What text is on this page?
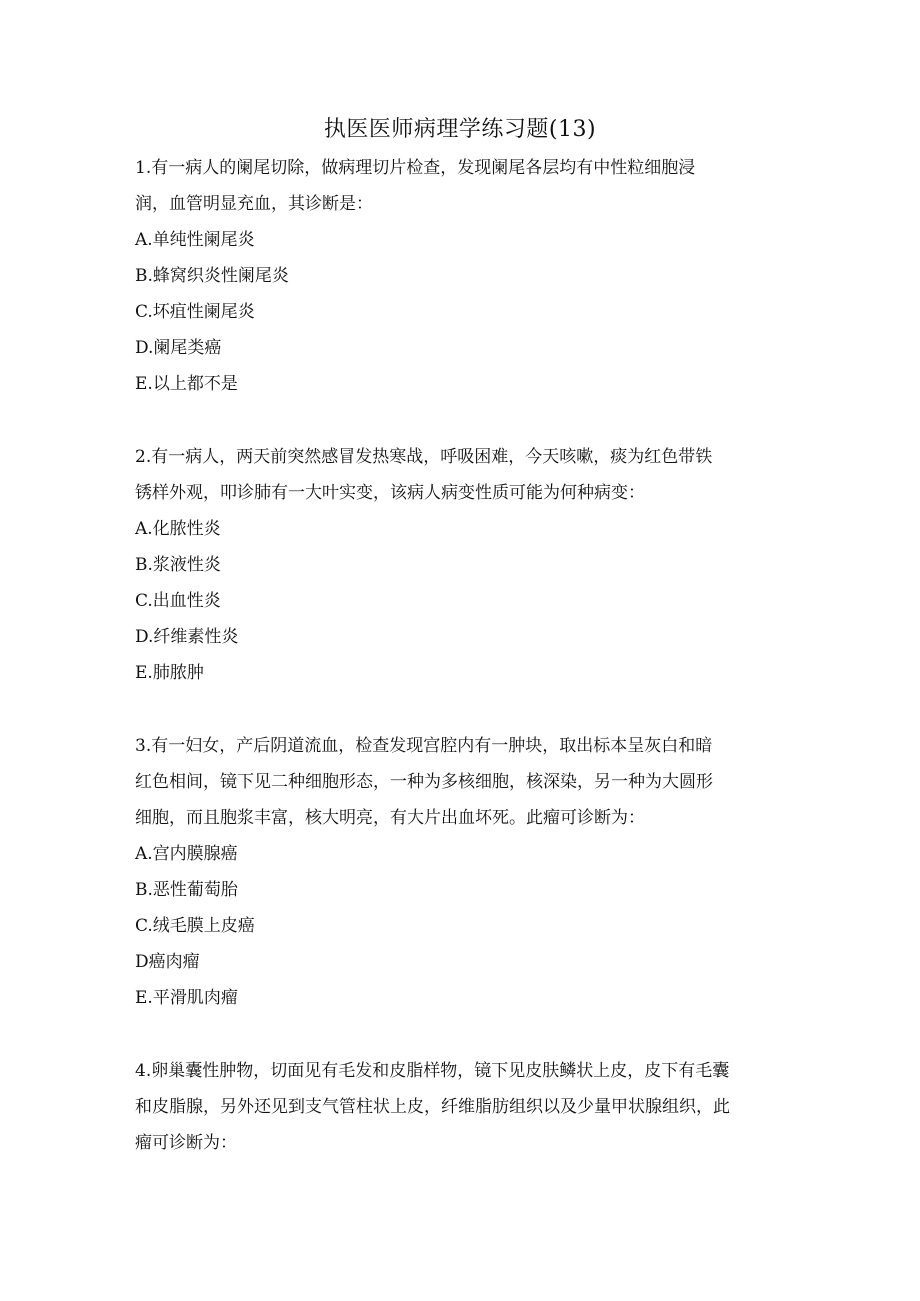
执医医师病理学练习题(13)
1.有一病人的阑尾切除，做病理切片检查，发现阑尾各层均有中性粒细胞浸
润，血管明显充血，其诊断是：
A.单纯性阑尾炎
B.蜂窝织炎性阑尾炎
C.坏疽性阑尾炎
D.阑尾类癌
E.以上都不是
2.有一病人，两天前突然感冒发热寒战，呼吸困难，今天咳嗽，痰为红色带铁
锈样外观，叩诊肺有一大叶实变，该病人病变性质可能为何种病变：
A.化脓性炎
B.浆液性炎
C.出血性炎
D.纤维素性炎
E.肺脓肿
3.有一妇女，产后阴道流血，检查发现宫腔内有一肿块，取出标本呈灰白和暗
红色相间，镜下见二种细胞形态，一种为多核细胞，核深染，另一种为大圆形
细胞，而且胞浆丰富，核大明亮，有大片出血坏死。此瘤可诊断为：
A.宫内膜腺癌
B.恶性葡萄胎
C.绒毛膜上皮癌
D癌肉瘤
E.平滑肌肉瘤
4.卵巢囊性肿物，切面见有毛发和皮脂样物，镜下见皮肤鳞状上皮，皮下有毛囊
和皮脂腺，另外还见到支气管柱状上皮，纤维脂肪组织以及少量甲状腺组织，此
瘤可诊断为：
